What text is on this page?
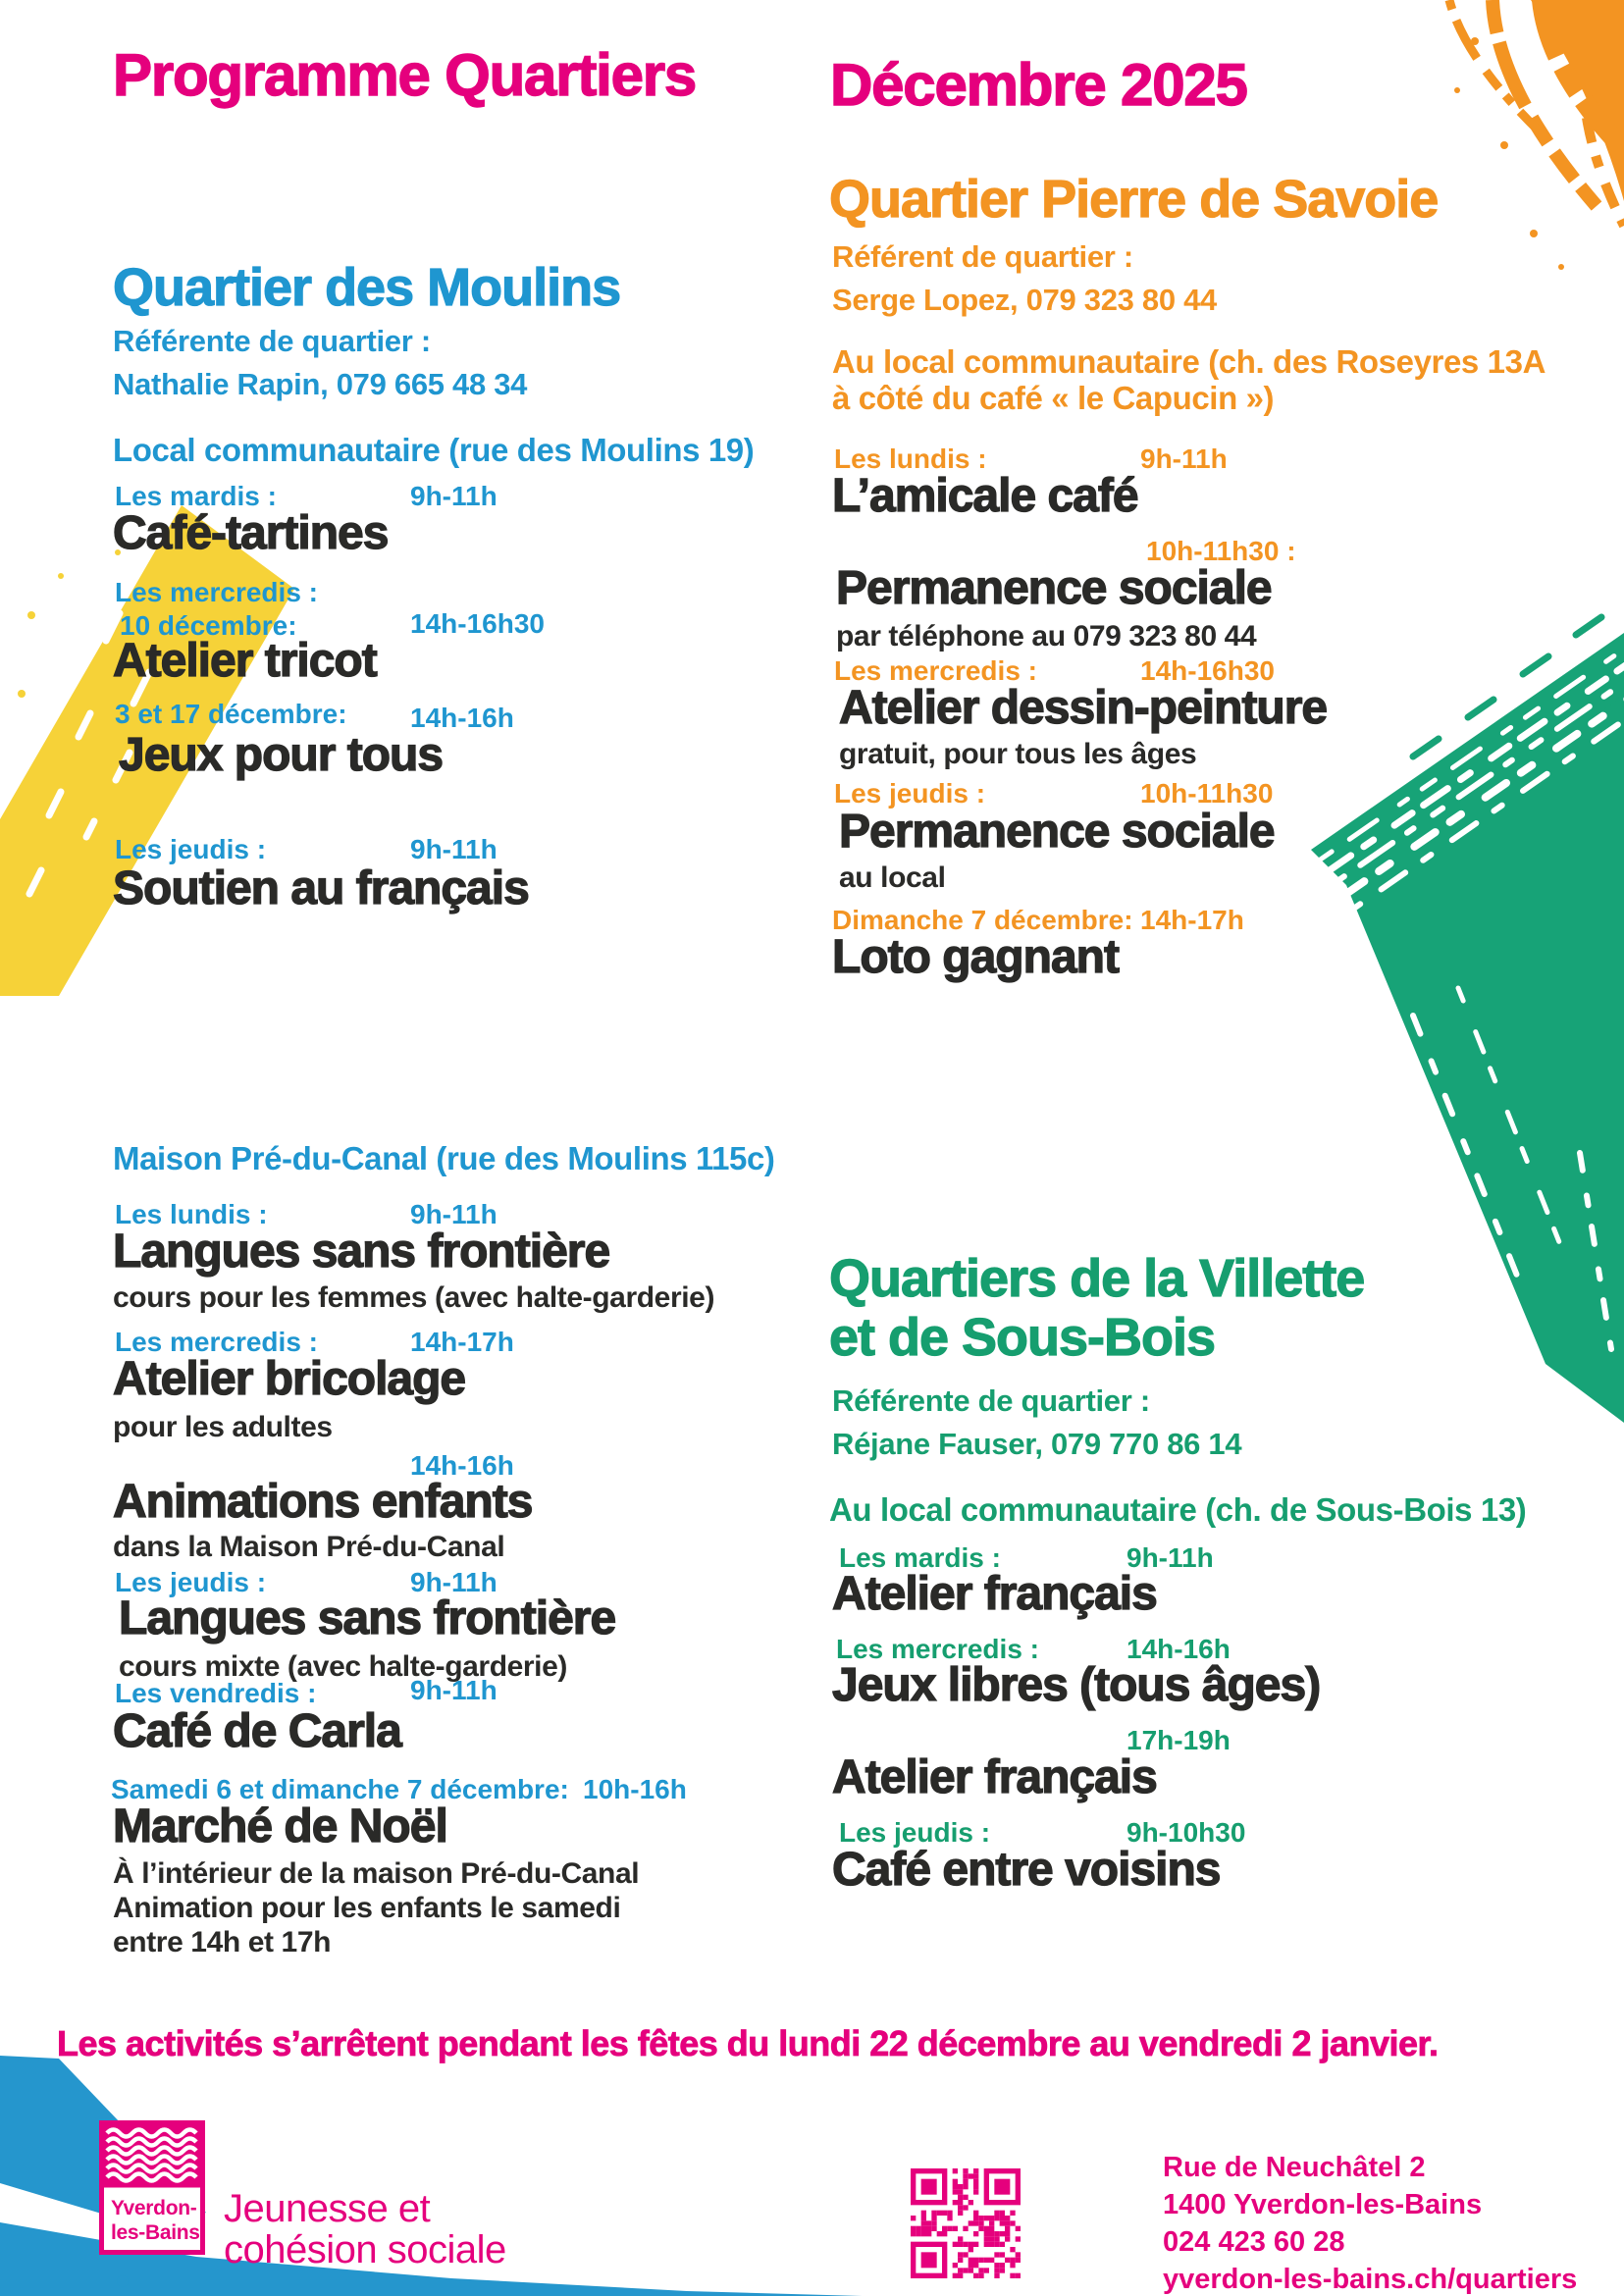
Programme Quartiers Décembre 2025
Quartier des Moulins
Référente de quartier :
Nathalie Rapin, 079 665 48 34
Local communautaire (rue des Moulins 19)
Les mardis :	9h-11h
Café-tartines
Les mercredis :
10 décembre:	14h-16h30
Atelier tricot
3 et 17 décembre: 14h-16h
Jeux pour tous
Les jeudis :	9h-11h
Soutien au français
Maison Pré-du-Canal (rue des Moulins 115c)
Les lundis :	9h-11h
Langues sans frontière
cours pour les femmes (avec halte-garderie)
Les mercredis :	14h-17h
Atelier bricolage
pour les adultes
14h-16h
Animations enfants
dans la Maison Pré-du-Canal
Les jeudis :	9h-11h
Langues sans frontière
cours mixte (avec halte-garderie)
Les vendredis :	9h-11h
Café de Carla
Samedi 6 et dimanche 7 décembre: 10h-16h
Marché de Noël
À l’intérieur de la maison Pré-du-Canal
Animation pour les enfants le samedi
entre 14h et 17h
Quartier Pierre de Savoie
Référent de quartier :
Serge Lopez, 079 323 80 44
Au local communautaire (ch. des Roseyres 13A
à côté du café « le Capucin »)
Les lundis :	9h-11h
L’amicale café
10h-11h30 :
Permanence sociale
par téléphone au 079 323 80 44
Les mercredis :	14h-16h30
Atelier dessin-peinture
gratuit, pour tous les âges
Les jeudis :	10h-11h30
Permanence sociale
au local
Dimanche 7 décembre: 14h-17h
Loto gagnant
Quartiers de la Villette
et de Sous-Bois
Référente de quartier :
Réjane Fauser, 079 770 86 14
Au local communautaire (ch. de Sous-Bois 13)
Les mardis :	9h-11h
Atelier français
Les mercredis :	14h-16h
Jeux libres (tous âges)
17h-19h
Atelier français
Les jeudis :	9h-10h30
Café entre voisins
Les activités s’arrêtent pendant les fêtes du lundi 22 décembre au vendredi 2 janvier.
Yverdon-
les-Bains
Jeunesse et
cohésion sociale
Rue de Neuchâtel 2
1400 Yverdon-les-Bains
024 423 60 28
yverdon-les-bains.ch/quartiers
